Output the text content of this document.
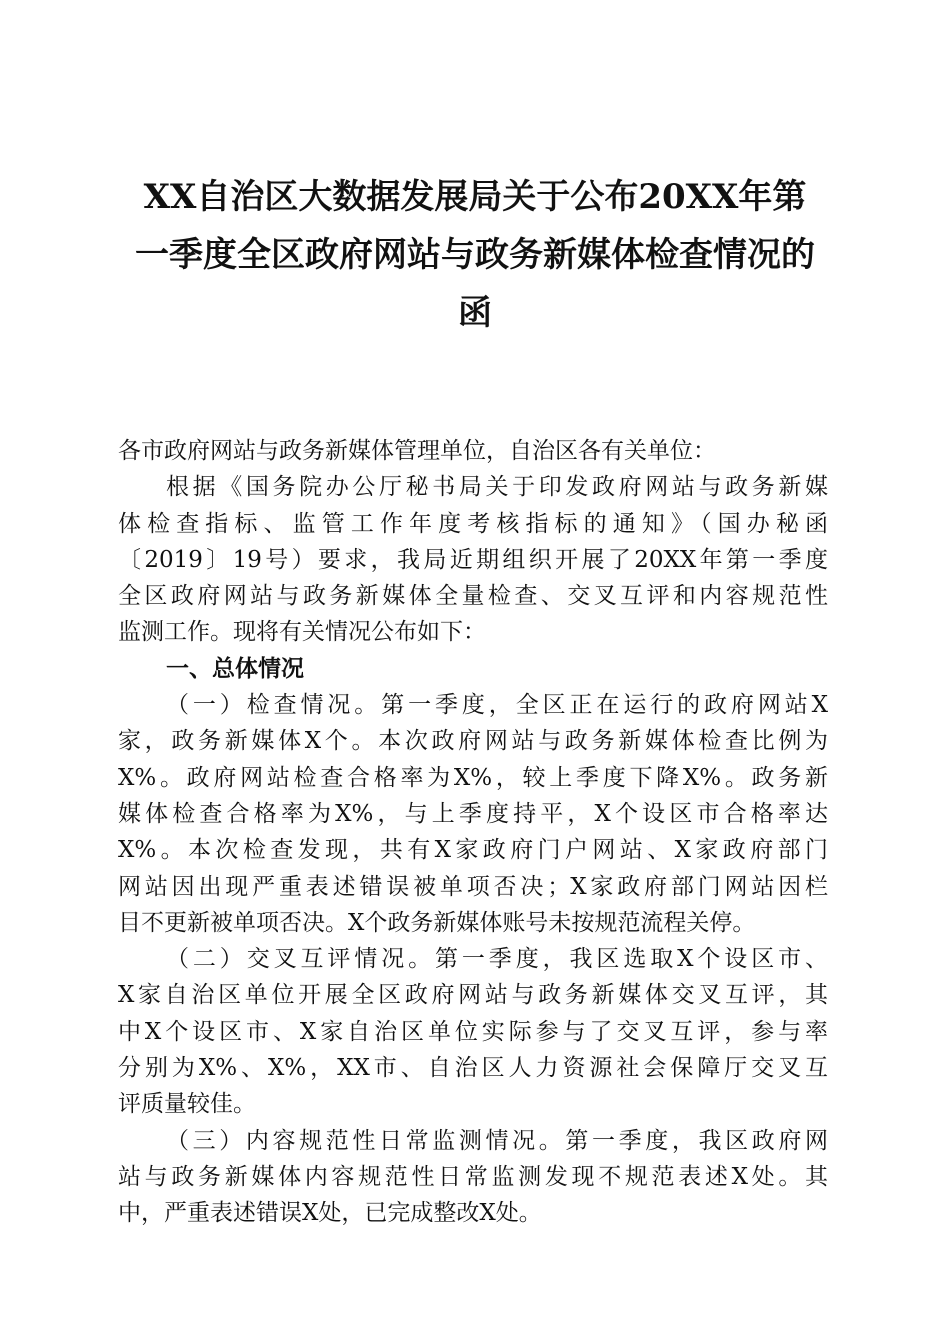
XX自治区大数据发展局关于公布20XX年第
一季度全区政府网站与政务新媒体检查情况的
函
各市政府网站与政务新媒体管理单位，自治区各有关单位：
根据《国务院办公厅秘书局关于印发政府网站与政务新媒
体检查指标、监管工作年度考核指标的通知》（国办秘函
〔2019〕19号）要求，我局近期组织开展了20XX年第一季度
全区政府网站与政务新媒体全量检查、交叉互评和内容规范性
监测工作。现将有关情况公布如下：
一、总体情况
（一）检查情况。第一季度，全区正在运行的政府网站X
家，政务新媒体X个。本次政府网站与政务新媒体检查比例为
X%。政府网站检查合格率为X%，较上季度下降X%。政务新
媒体检查合格率为X%，与上季度持平，X个设区市合格率达
X%。本次检查发现，共有X家政府门户网站、X家政府部门
网站因出现严重表述错误被单项否决；X家政府部门网站因栏
目不更新被单项否决。X个政务新媒体账号未按规范流程关停。
（二）交叉互评情况。第一季度，我区选取X个设区市、
X家自治区单位开展全区政府网站与政务新媒体交叉互评，其
中X个设区市、X家自治区单位实际参与了交叉互评，参与率
分别为X%、X%，XX市、自治区人力资源社会保障厅交叉互
评质量较佳。
（三）内容规范性日常监测情况。第一季度，我区政府网
站与政务新媒体内容规范性日常监测发现不规范表述X处。其
中，严重表述错误X处，已完成整改X处。
